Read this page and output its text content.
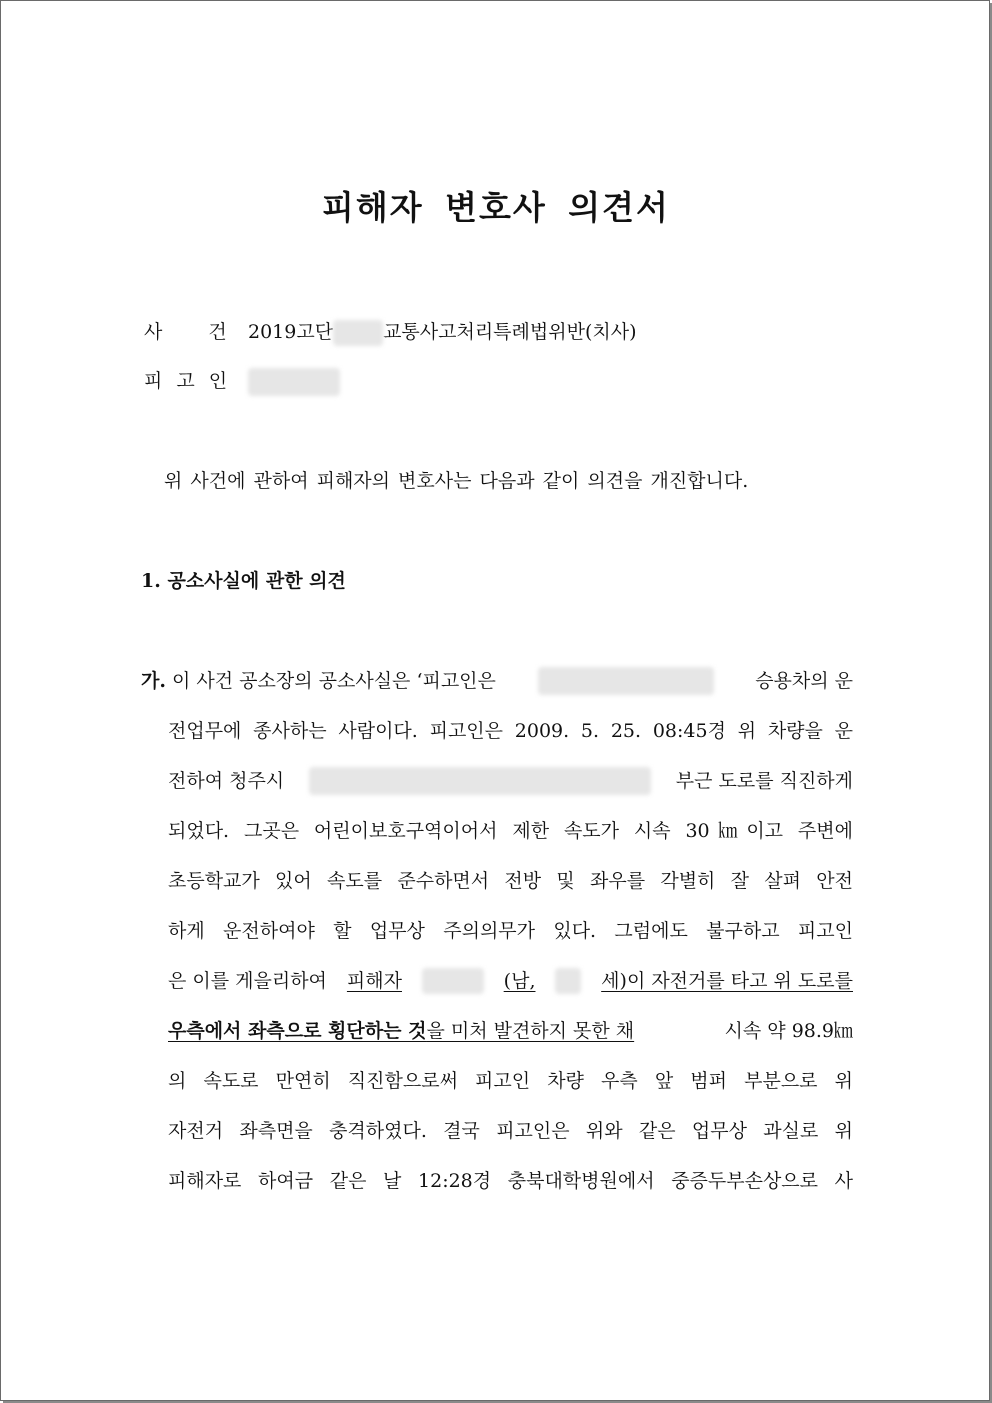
피해자 변호사 의견서
사 건 2019고단	교통사고처리특례법위반(치사)
피 고 인
위 사건에 관하여 피해자의 변호사는 다음과 같이 의견을 개진합니다.
1. 공소사실에 관한 의견
가. 이 사건 공소장의 공소사실은 ‘피고인은	승용차의 운
전업무에 종사하는 사람이다. 피고인은 2009. 5. 25. 08:45경 위 차량을 운
전하여 청주시	부근 도로를 직진하게
되었다. 그곳은 어린이보호구역이어서 제한 속도가 시속 30㎞이고 주변에
초등학교가 있어 속도를 준수하면서 전방 및 좌우를 각별히 잘 살펴 안전
하게 운전하여야 할 업무상 주의의무가 있다. 그럼에도 불구하고 피고인
은 이를 게을리하여 피해자	(남,	세)이 자전거를 타고 위 도로를
우측에서 좌측으로 횡단하는 것 을 미처 발견하지 못한 채	시속 약 98.9㎞
의 속도로 만연히 직진함으로써 피고인 차량 우측 앞 범퍼 부분으로 위
자전거 좌측면을 충격하였다. 결국 피고인은 위와 같은 업무상 과실로 위
피해자로 하여금 같은 날 12:28경 충북대학병원에서 중증두부손상으로 사
